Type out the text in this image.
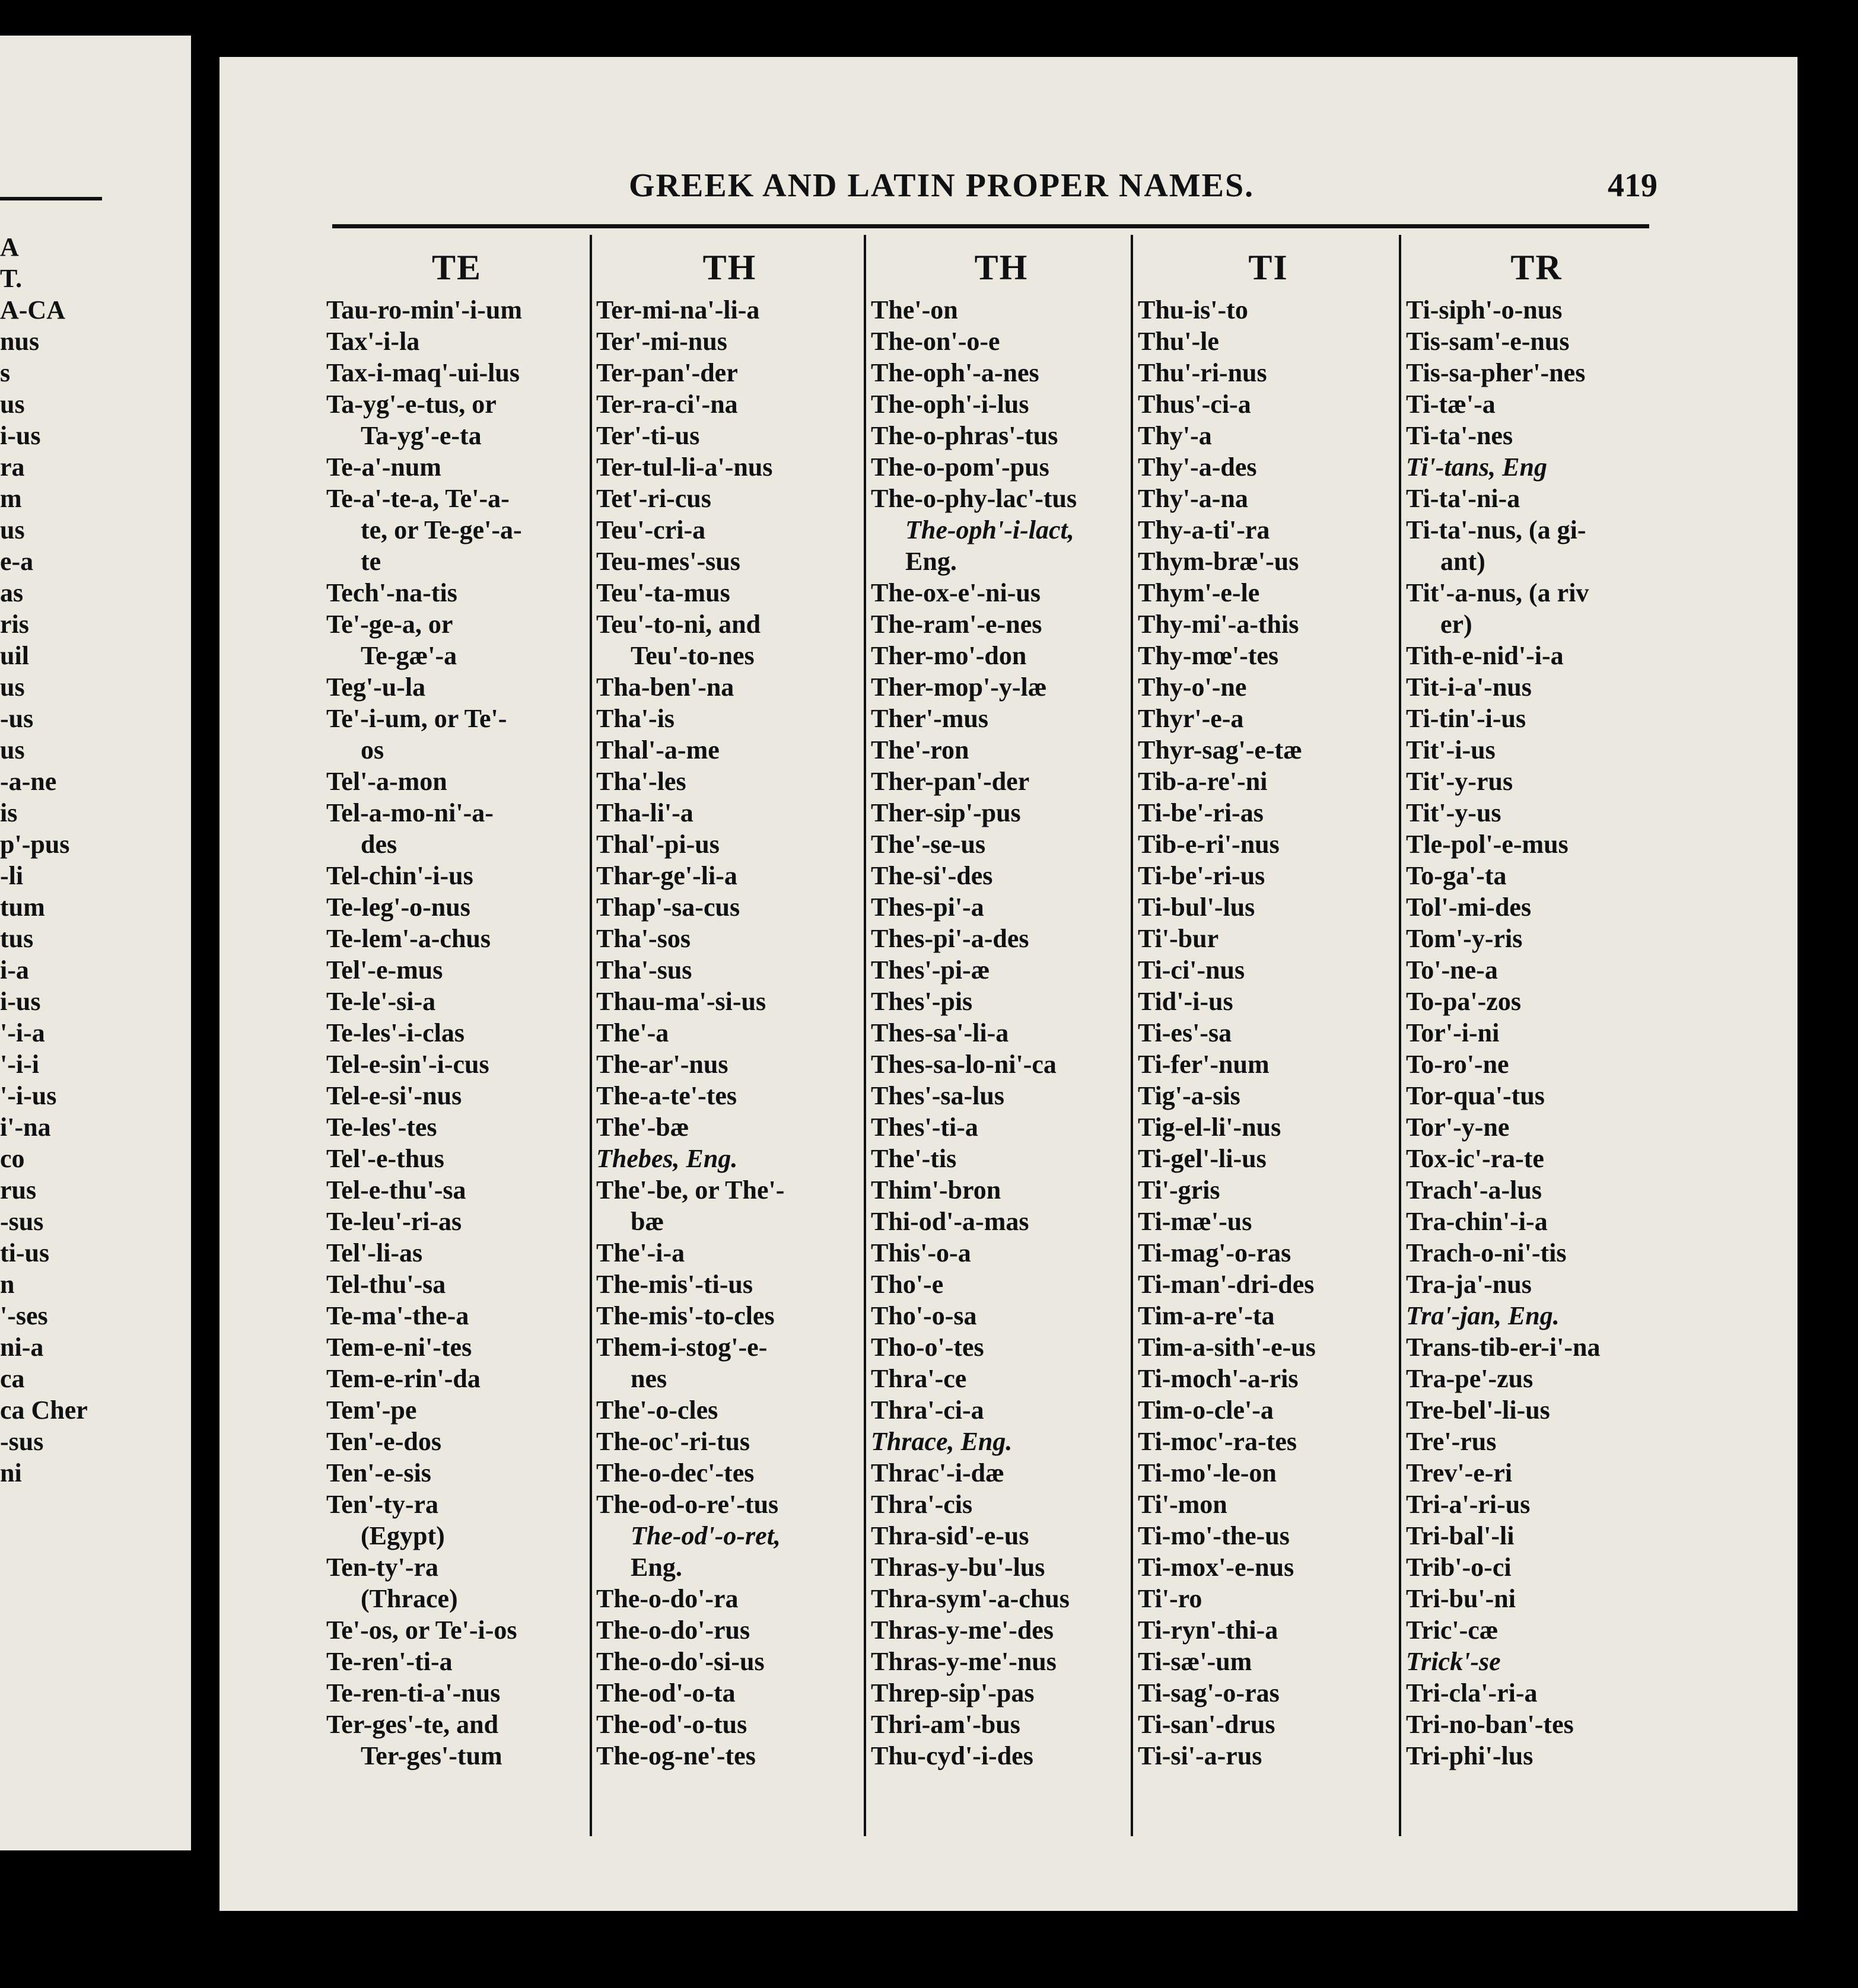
A
T.
A-CA
nus
s
us
i-us
ra
m
us
e-a
as
ris
uil
us
-us
us
-a-ne
is
p'-pus
-li
tum
tus
i-a
i-us
'-i-a
'-i-i
'-i-us
i'-na
co
rus
-sus
ti-us
n
'-ses
ni-a
ca
ca Cher
-sus
ni
GREEK AND LATIN PROPER NAMES.	419
TE
Tau-ro-min'-i-um
Tax'-i-la
Tax-i-maq'-ui-lus
Ta-yg'-e-tus, or
Ta-yg'-e-ta
Te-a'-num
Te-a'-te-a, Te'-a-
te, or Te-ge'-a-
te
Tech'-na-tis
Te'-ge-a, or
Te-gæ'-a
Teg'-u-la
Te'-i-um, or Te'-
os
Tel'-a-mon
Tel-a-mo-ni'-a-
des
Tel-chin'-i-us
Te-leg'-o-nus
Te-lem'-a-chus
Tel'-e-mus
Te-le'-si-a
Te-les'-i-clas
Tel-e-sin'-i-cus
Tel-e-si'-nus
Te-les'-tes
Tel'-e-thus
Tel-e-thu'-sa
Te-leu'-ri-as
Tel'-li-as
Tel-thu'-sa
Te-ma'-the-a
Tem-e-ni'-tes
Tem-e-rin'-da
Tem'-pe
Ten'-e-dos
Ten'-e-sis
Ten'-ty-ra
(Egypt)
Ten-ty'-ra
(Thrace)
Te'-os, or Te'-i-os
Te-ren'-ti-a
Te-ren-ti-a'-nus
Ter-ges'-te, and
Ter-ges'-tum
TH
Ter-mi-na'-li-a
Ter'-mi-nus
Ter-pan'-der
Ter-ra-ci'-na
Ter'-ti-us
Ter-tul-li-a'-nus
Tet'-ri-cus
Teu'-cri-a
Teu-mes'-sus
Teu'-ta-mus
Teu'-to-ni, and
Teu'-to-nes
Tha-ben'-na
Tha'-is
Thal'-a-me
Tha'-les
Tha-li'-a
Thal'-pi-us
Thar-ge'-li-a
Thap'-sa-cus
Tha'-sos
Tha'-sus
Thau-ma'-si-us
The'-a
The-ar'-nus
The-a-te'-tes
The'-bæ
Thebes, Eng.
The'-be, or The'-
bæ
The'-i-a
The-mis'-ti-us
The-mis'-to-cles
Them-i-stog'-e-
nes
The'-o-cles
The-oc'-ri-tus
The-o-dec'-tes
The-od-o-re'-tus
The-od'-o-ret,
Eng.
The-o-do'-ra
The-o-do'-rus
The-o-do'-si-us
The-od'-o-ta
The-od'-o-tus
The-og-ne'-tes
TH
The'-on
The-on'-o-e
The-oph'-a-nes
The-oph'-i-lus
The-o-phras'-tus
The-o-pom'-pus
The-o-phy-lac'-tus
The-oph'-i-lact,
Eng.
The-ox-e'-ni-us
The-ram'-e-nes
Ther-mo'-don
Ther-mop'-y-læ
Ther'-mus
The'-ron
Ther-pan'-der
Ther-sip'-pus
The'-se-us
The-si'-des
Thes-pi'-a
Thes-pi'-a-des
Thes'-pi-æ
Thes'-pis
Thes-sa'-li-a
Thes-sa-lo-ni'-ca
Thes'-sa-lus
Thes'-ti-a
The'-tis
Thim'-bron
Thi-od'-a-mas
This'-o-a
Tho'-e
Tho'-o-sa
Tho-o'-tes
Thra'-ce
Thra'-ci-a
Thrace, Eng.
Thrac'-i-dæ
Thra'-cis
Thra-sid'-e-us
Thras-y-bu'-lus
Thra-sym'-a-chus
Thras-y-me'-des
Thras-y-me'-nus
Threp-sip'-pas
Thri-am'-bus
Thu-cyd'-i-des
TI
Thu-is'-to
Thu'-le
Thu'-ri-nus
Thus'-ci-a
Thy'-a
Thy'-a-des
Thy'-a-na
Thy-a-ti'-ra
Thym-bræ'-us
Thym'-e-le
Thy-mi'-a-this
Thy-mœ'-tes
Thy-o'-ne
Thyr'-e-a
Thyr-sag'-e-tæ
Tib-a-re'-ni
Ti-be'-ri-as
Tib-e-ri'-nus
Ti-be'-ri-us
Ti-bul'-lus
Ti'-bur
Ti-ci'-nus
Tid'-i-us
Ti-es'-sa
Ti-fer'-num
Tig'-a-sis
Tig-el-li'-nus
Ti-gel'-li-us
Ti'-gris
Ti-mæ'-us
Ti-mag'-o-ras
Ti-man'-dri-des
Tim-a-re'-ta
Tim-a-sith'-e-us
Ti-moch'-a-ris
Tim-o-cle'-a
Ti-moc'-ra-tes
Ti-mo'-le-on
Ti'-mon
Ti-mo'-the-us
Ti-mox'-e-nus
Ti'-ro
Ti-ryn'-thi-a
Ti-sæ'-um
Ti-sag'-o-ras
Ti-san'-drus
Ti-si'-a-rus
TR
Ti-siph'-o-nus
Tis-sam'-e-nus
Tis-sa-pher'-nes
Ti-tæ'-a
Ti-ta'-nes
Ti'-tans, Eng
Ti-ta'-ni-a
Ti-ta'-nus, (a gi-
ant)
Tit'-a-nus, (a riv
er)
Tith-e-nid'-i-a
Tit-i-a'-nus
Ti-tin'-i-us
Tit'-i-us
Tit'-y-rus
Tit'-y-us
Tle-pol'-e-mus
To-ga'-ta
Tol'-mi-des
Tom'-y-ris
To'-ne-a
To-pa'-zos
Tor'-i-ni
To-ro'-ne
Tor-qua'-tus
Tor'-y-ne
Tox-ic'-ra-te
Trach'-a-lus
Tra-chin'-i-a
Trach-o-ni'-tis
Tra-ja'-nus
Tra'-jan, Eng.
Trans-tib-er-i'-na
Tra-pe'-zus
Tre-bel'-li-us
Tre'-rus
Trev'-e-ri
Tri-a'-ri-us
Tri-bal'-li
Trib'-o-ci
Tri-bu'-ni
Tric'-cæ
Trick'-se
Tri-cla'-ri-a
Tri-no-ban'-tes
Tri-phi'-lus
